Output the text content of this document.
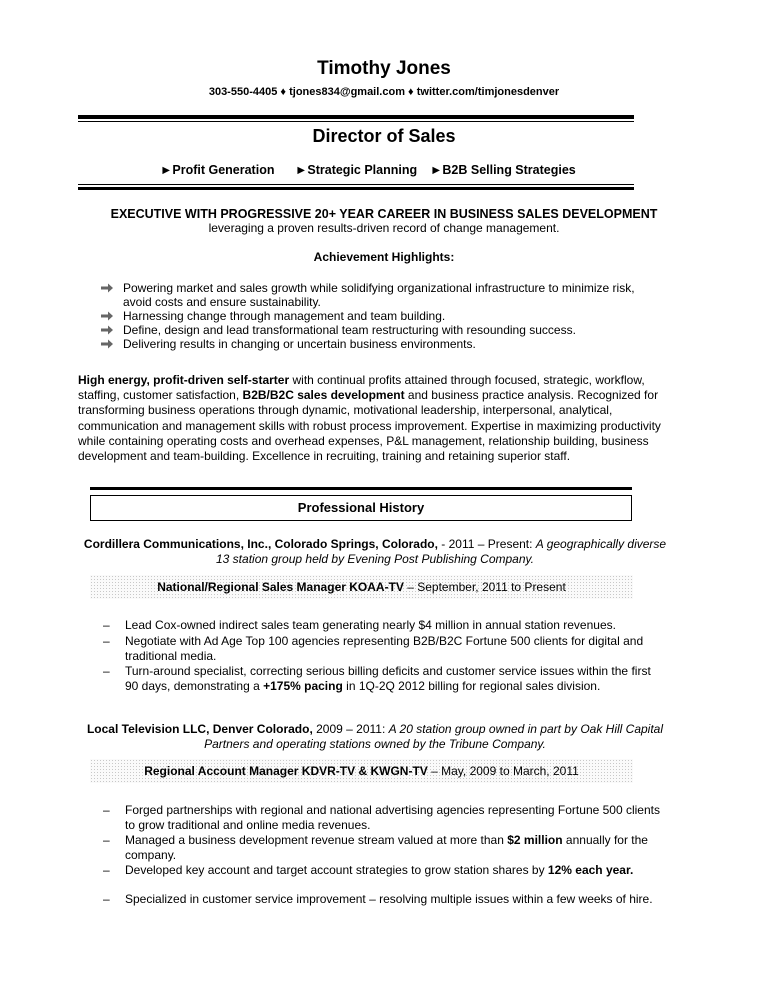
Timothy Jones
303-550-4405 ♦ tjones834@gmail.com ♦ twitter.com/timjonesdenver
Director of Sales
►Profit Generation ►Strategic Planning ►B2B Selling Strategies
EXECUTIVE WITH PROGRESSIVE 20+ YEAR CAREER IN BUSINESS SALES DEVELOPMENT
leveraging a proven results-driven record of change management.
Achievement Highlights:
Powering market and sales growth while solidifying organizational infrastructure to minimize risk, avoid costs and ensure sustainability.
Harnessing change through management and team building.
Define, design and lead transformational team restructuring with resounding success.
Delivering results in changing or uncertain business environments.
High energy, profit-driven self-starter with continual profits attained through focused, strategic, workflow, staffing, customer satisfaction, B2B/B2C sales development and business practice analysis. Recognized for transforming business operations through dynamic, motivational leadership, interpersonal, analytical, communication and management skills with robust process improvement. Expertise in maximizing productivity while containing operating costs and overhead expenses, P&L management, relationship building, business development and team-building. Excellence in recruiting, training and retaining superior staff.
Professional History
Cordillera Communications, Inc., Colorado Springs, Colorado, - 2011 – Present: A geographically diverse 13 station group held by Evening Post Publishing Company.
National/Regional Sales Manager KOAA-TV – September, 2011 to Present
– Lead Cox-owned indirect sales team generating nearly $4 million in annual station revenues.
– Negotiate with Ad Age Top 100 agencies representing B2B/B2C Fortune 500 clients for digital and traditional media.
– Turn-around specialist, correcting serious billing deficits and customer service issues within the first 90 days, demonstrating a +175% pacing in 1Q-2Q 2012 billing for regional sales division.
Local Television LLC, Denver Colorado, 2009 – 2011: A 20 station group owned in part by Oak Hill Capital Partners and operating stations owned by the Tribune Company.
Regional Account Manager KDVR-TV & KWGN-TV – May, 2009 to March, 2011
– Forged partnerships with regional and national advertising agencies representing Fortune 500 clients to grow traditional and online media revenues.
– Managed a business development revenue stream valued at more than $2 million annually for the company.
– Developed key account and target account strategies to grow station shares by 12% each year.
– Specialized in customer service improvement – resolving multiple issues within a few weeks of hire.
